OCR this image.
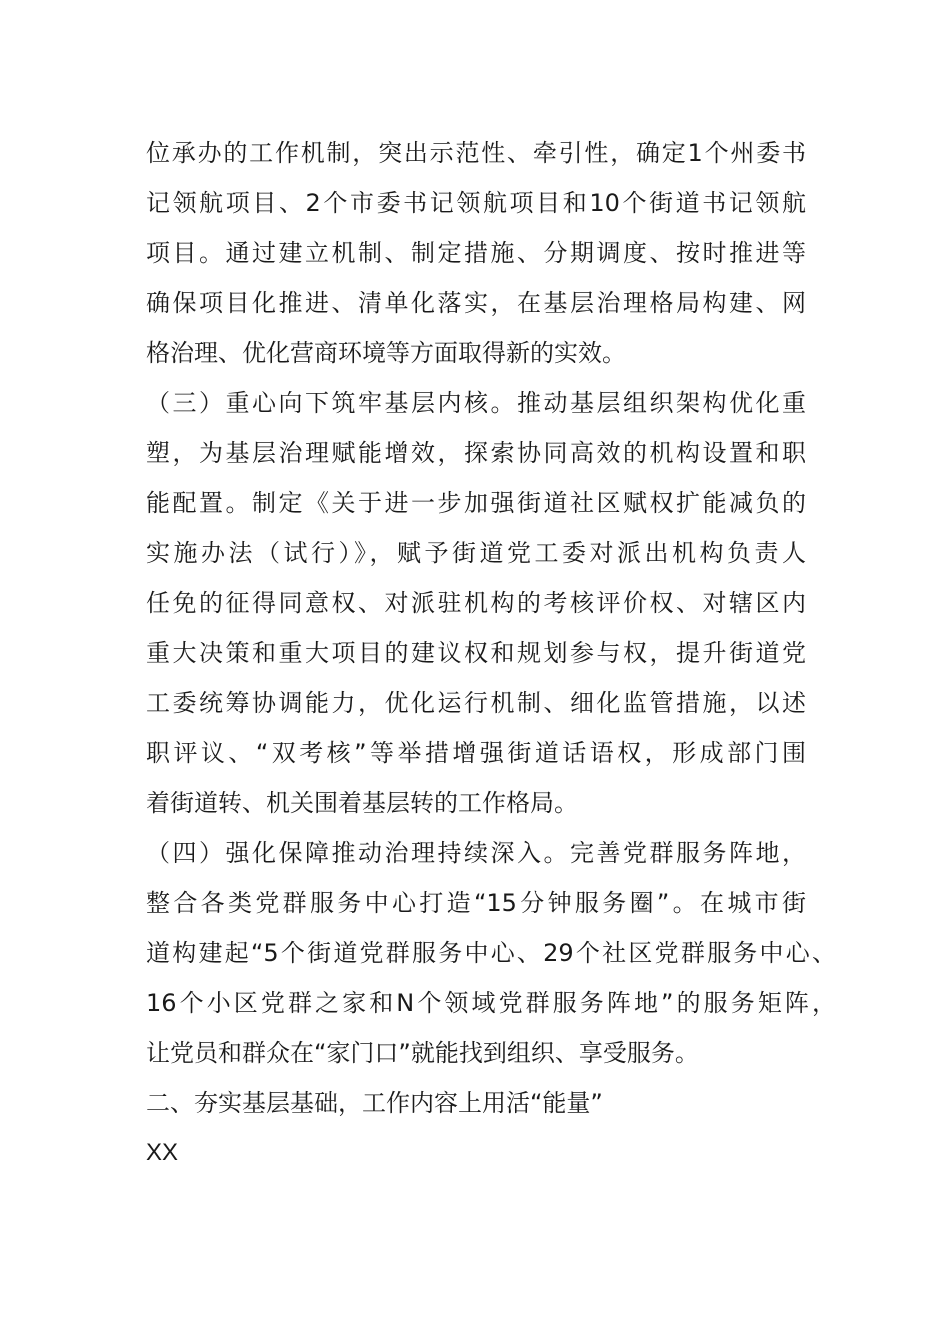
位承办的工作机制，突出示范性、牵引性，确定1个州委书
记领航项目、2个市委书记领航项目和10个街道书记领航
项目。通过建立机制、制定措施、分期调度、按时推进等
确保项目化推进、清单化落实，在基层治理格局构建、网
格治理、优化营商环境等方面取得新的实效。
（三）重心向下筑牢基层内核。推动基层组织架构优化重
塑，为基层治理赋能增效，探索协同高效的机构设置和职
能配置。制定《关于进一步加强街道社区赋权扩能减负的
实施办法（试行）》，赋予街道党工委对派出机构负责人
任免的征得同意权、对派驻机构的考核评价权、对辖区内
重大决策和重大项目的建议权和规划参与权，提升街道党
工委统筹协调能力，优化运行机制、细化监管措施，以述
职评议、“双考核”等举措增强街道话语权，形成部门围
着街道转、机关围着基层转的工作格局。
（四）强化保障推动治理持续深入。完善党群服务阵地，
整合各类党群服务中心打造“15分钟服务圈”。在城市街
道构建起“5个街道党群服务中心、29个社区党群服务中心、
16个小区党群之家和N个领域党群服务阵地”的服务矩阵，
让党员和群众在“家门口”就能找到组织、享受服务。
二、夯实基层基础，工作内容上用活“能量”
XX
